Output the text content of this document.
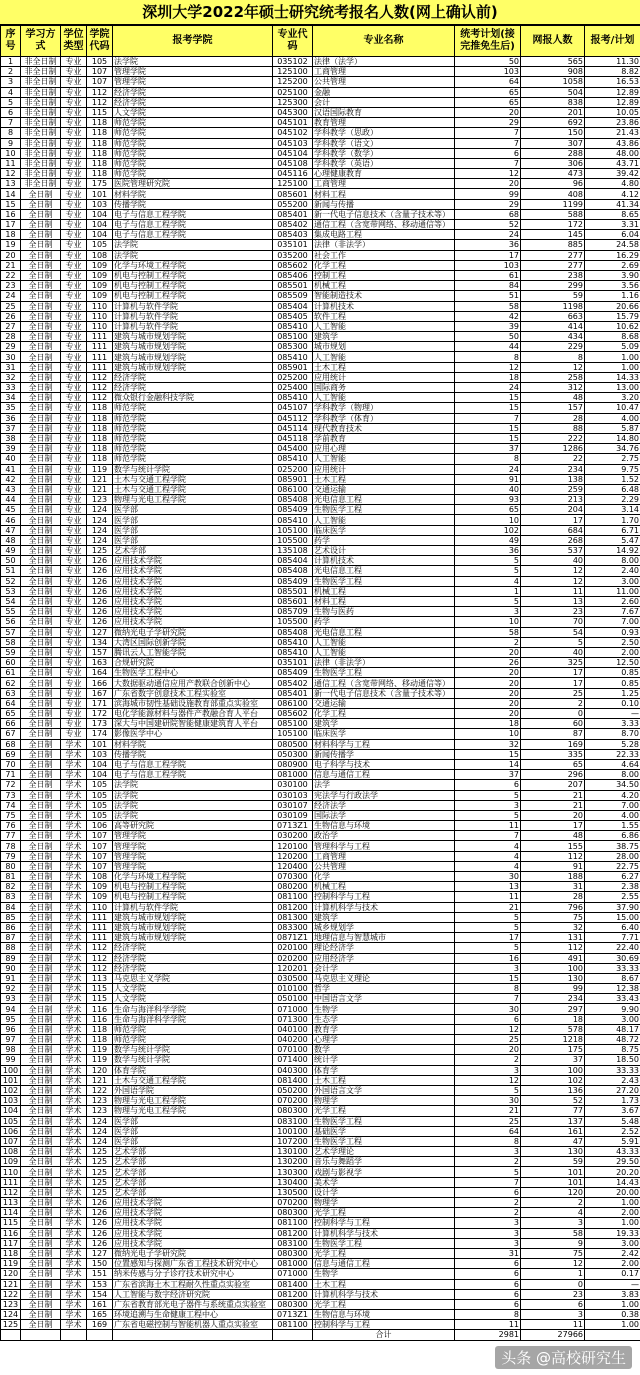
深圳大学2022年硕士研究统考报名人数(网上确认前)
序号	学习方式	学位类型	学院代码	报考学院	专业代码	专业名称	统考计划(接完推免生后)	网报人数	报考/计划
1	非全日制	专业	105	法学院	035102	法律（法学）	50	565	11.30
2	非全日制	专业	107	管理学院	125100	工商管理	103	908	8.82
3	非全日制	专业	107	管理学院	125200	公共管理	64	1058	16.53
4	非全日制	专业	112	经济学院	025100	金融	65	504	12.89
5	非全日制	专业	112	经济学院	125300	会计	65	838	12.89
6	非全日制	专业	115	人文学院	045300	汉语国际教育	20	201	10.05
7	非全日制	专业	118	师范学院	045101	教育管理	29	692	23.86
8	非全日制	专业	118	师范学院	045102	学科教学（思政）	7	150	21.43
9	非全日制	专业	118	师范学院	045103	学科教学（语文）	7	307	43.86
10	非全日制	专业	118	师范学院	045104	学科教学（数学）	6	288	48.00
11	非全日制	专业	118	师范学院	045108	学科教学（英语）	7	306	43.71
12	非全日制	专业	118	师范学院	045116	心理健康教育	12	473	39.42
13	非全日制	专业	175	医院管理研究院	125100	工商管理	20	96	4.80
14	全日制	专业	101	材料学院	085601	材料工程	99	408	4.12
15	全日制	专业	103	传播学院	055200	新闻与传播	29	1199	41.34
16	全日制	专业	104	电子与信息工程学院	085401	新一代电子信息技术（含量子技术等）	68	588	8.65
17	全日制	专业	104	电子与信息工程学院	085402	通信工程（含宽带网络、移动通信等）	52	172	3.31
18	全日制	专业	104	电子与信息工程学院	085403	集成电路工程	24	145	6.04
19	全日制	专业	105	法学院	035101	法律（非法学）	36	885	24.58
20	全日制	专业	108	法学院	035200	社会工作	17	277	16.29
21	全日制	专业	109	化学与环境工程学院	085602	化学工程	103	277	2.69
22	全日制	专业	109	机电与控制工程学院	085406	控制工程	61	238	3.90
23	全日制	专业	109	机电与控制工程学院	085501	机械工程	84	299	3.56
24	全日制	专业	109	机电与控制工程学院	085509	智能制造技术	51	59	1.16
25	全日制	专业	110	计算机与软件学院	085404	计算机技术	58	1198	20.66
26	全日制	专业	110	计算机与软件学院	085405	软件工程	42	663	15.79
27	全日制	专业	110	计算机与软件学院	085410	人工智能	39	414	10.62
28	全日制	专业	111	建筑与城市规划学院	085100	建筑学	50	434	8.68
29	全日制	专业	111	建筑与城市规划学院	085300	城市规划	44	229	5.09
30	全日制	专业	111	建筑与城市规划学院	085410	人工智能	8	8	1.00
31	全日制	专业	111	建筑与城市规划学院	085901	土木工程	12	12	1.00
32	全日制	专业	112	经济学院	025200	应用统计	18	258	14.33
33	全日制	专业	112	经济学院	025400	国际商务	24	312	13.00
34	全日制	专业	112	微众银行金融科技学院	085410	人工智能	15	48	3.20
35	全日制	专业	118	师范学院	045107	学科教学（物理）	15	157	10.47
36	全日制	专业	118	师范学院	045112	学科教学（体育）	7	28	4.00
37	全日制	专业	118	师范学院	045114	现代教育技术	15	88	5.87
38	全日制	专业	118	师范学院	045118	学前教育	15	222	14.80
39	全日制	专业	118	师范学院	045400	应用心理	37	1286	34.76
40	全日制	专业	118	师范学院	085410	人工智能	8	22	2.75
41	全日制	专业	119	数学与统计学院	025200	应用统计	24	234	9.75
42	全日制	专业	121	土木与交通工程学院	085901	土木工程	91	138	1.52
43	全日制	专业	121	土木与交通工程学院	086100	交通运输	40	259	6.48
44	全日制	专业	123	物理与光电工程学院	085408	光电信息工程	93	213	2.29
45	全日制	专业	124	医学部	085409	生物医学工程	65	204	3.14
46	全日制	专业	124	医学部	085410	人工智能	10	17	1.70
47	全日制	专业	124	医学部	105100	临床医学	102	684	6.71
48	全日制	专业	124	医学部	105500	药学	49	268	5.47
49	全日制	专业	125	艺术学部	135108	艺术设计	36	537	14.92
50	全日制	专业	126	应用技术学院	085404	计算机技术	5	40	8.00
51	全日制	专业	126	应用技术学院	085408	光电信息工程	5	12	2.40
52	全日制	专业	126	应用技术学院	085409	生物医学工程	4	12	3.00
53	全日制	专业	126	应用技术学院	085501	机械工程	1	11	11.00
54	全日制	专业	126	应用技术学院	085601	材料工程	5	13	2.60
55	全日制	专业	126	应用技术学院	085709	生物与医药	3	23	7.67
56	全日制	专业	126	应用技术学院	105500	药学	10	70	7.00
57	全日制	专业	127	微纳光电子学研究院	085408	光电信息工程	58	54	0.93
58	全日制	专业	134	大湾区国际创新学院	085410	人工智能	2	5	2.50
59	全日制	专业	157	腾讯云人工智能学院	085410	人工智能	20	40	2.00
60	全日制	专业	163	合规研究院	035101	法律（非法学）	26	325	12.50
61	全日制	专业	164	生物医学工程中心	085409	生物医学工程	20	17	0.85
62	全日制	专业	166	大数据驱动通信应用产教联合创新中心	085402	通信工程（含宽带网络、移动通信等）	20	17	0.85
63	全日制	专业	167	广东省数字创意技术工程实验室	085401	新一代电子信息技术（含量子技术等）	20	25	1.25
64	全日制	专业	171	滨海城市韧性基础设施教育部重点实验室	086100	交通运输	20	2	0.10
65	全日制	专业	172	电化学能源材料与器件产教融合育人平台	085602	化学工程	20	0	—
66	全日制	专业	173	深大与中国建研院智能健康建筑育人平台	085100	建筑学	18	60	3.33
67	全日制	专业	174	影像医学中心	105100	临床医学	10	87	8.70
68	全日制	学术	101	材料学院	080500	材料科学与工程	32	169	5.28
69	全日制	学术	103	传播学院	050300	新闻传播学	15	335	22.33
70	全日制	学术	104	电子与信息工程学院	080900	电子科学与技术	14	65	4.64
71	全日制	学术	104	电子与信息工程学院	081000	信息与通信工程	37	296	8.00
72	全日制	学术	105	法学院	030100	法学	6	207	34.50
73	全日制	学术	105	法学院	030103	宪法学与行政法学	5	21	4.20
74	全日制	学术	105	法学院	030107	经济法学	3	21	7.00
75	全日制	学术	105	法学院	030109	国际法学	5	20	4.00
76	全日制	学术	106	高等研究院	0713Z1	生物信息与环境	11	17	1.55
77	全日制	学术	107	管理学院	030200	政治学	7	48	6.86
78	全日制	学术	107	管理学院	120100	管理科学与工程	4	155	38.75
79	全日制	学术	107	管理学院	120200	工商管理	4	112	28.00
80	全日制	学术	107	管理学院	120400	公共管理	4	91	22.75
81	全日制	学术	108	化学与环境工程学院	070300	化学	30	188	6.27
82	全日制	学术	109	机电与控制工程学院	080200	机械工程	13	31	2.38
83	全日制	学术	109	机电与控制工程学院	081100	控制科学与工程	11	28	2.55
84	全日制	学术	110	计算机与软件学院	081200	计算机科学与技术	21	796	37.90
85	全日制	学术	111	建筑与城市规划学院	081300	建筑学	5	75	15.00
86	全日制	学术	111	建筑与城市规划学院	083300	城乡规划学	5	32	6.40
87	全日制	学术	111	建筑与城市规划学院	0871Z1	地理信息与智慧城市	17	131	7.71
88	全日制	学术	112	经济学院	020100	理论经济学	5	112	22.40
89	全日制	学术	112	经济学院	020200	应用经济学	16	491	30.69
90	全日制	学术	112	经济学院	120201	会计学	3	100	33.33
91	全日制	学术	113	马克思主义学院	030500	马克思主义理论	15	130	8.67
92	全日制	学术	115	人文学院	010100	哲学	8	99	12.38
93	全日制	学术	115	人文学院	050100	中国语言文学	7	234	33.43
94	全日制	学术	116	生命与海洋科学学院	071000	生物学	30	297	9.90
95	全日制	学术	116	生命与海洋科学学院	071300	生态学	6	18	3.00
96	全日制	学术	118	师范学院	040100	教育学	12	578	48.17
97	全日制	学术	118	师范学院	040200	心理学	25	1218	48.72
98	全日制	学术	119	数学与统计学院	070100	数学	20	175	8.75
99	全日制	学术	119	数学与统计学院	071400	统计学	2	37	18.50
100	全日制	学术	120	体育学院	040300	体育学	3	100	33.33
101	全日制	学术	121	土木与交通工程学院	081400	土木工程	12	102	2.43
102	全日制	学术	122	外国语学院	050200	外国语言文学	5	136	27.20
103	全日制	学术	123	物理与光电工程学院	070200	物理学	30	52	1.73
104	全日制	学术	123	物理与光电工程学院	080300	光学工程	21	77	3.67
105	全日制	学术	124	医学部	083100	生物医学工程	25	137	5.48
106	全日制	学术	124	医学部	100100	基础医学	64	161	2.52
107	全日制	学术	124	医学部	107200	生物医学工程	8	47	5.91
108	全日制	学术	125	艺术学部	130100	艺术学理论	3	130	43.33
109	全日制	学术	125	艺术学部	130200	音乐与舞蹈学	2	59	29.50
110	全日制	学术	125	艺术学部	130300	戏剧与影视学	5	101	20.20
111	全日制	学术	125	艺术学部	130400	美术学	7	101	14.43
112	全日制	学术	125	艺术学部	130500	设计学	6	120	20.00
113	全日制	学术	126	应用技术学院	070200	物理学	2	2	1.00
114	全日制	学术	126	应用技术学院	080300	光学工程	2	4	2.00
115	全日制	学术	126	应用技术学院	081100	控制科学与工程	3	3	1.00
116	全日制	学术	126	应用技术学院	081200	计算机科学与技术	3	58	19.33
117	全日制	学术	126	应用技术学院	083100	生物医学工程	3	9	3.00
118	全日制	学术	127	微纳光电子学研究院	080300	光学工程	31	75	2.42
119	全日制	学术	150	位置感知与探测广东省工程技术研究中心	081000	信息与通信工程	6	12	2.00
120	全日制	学术	151	纳米传感与分子诊疗技术研究中心	071000	生物学	6	1	0.17
121	全日制	学术	153	广东省滨海土木工程耐久性重点实验室	081400	土木工程	6	0	—
122	全日制	学术	154	人工智能与数字经济研究院	081200	计算机科学与技术	6	23	3.83
123	全日制	学术	161	广东省教育部光电子器件与系统重点实验室	080300	光学工程	6	6	1.00
124	全日制	学术	165	环境追溯与生命健康工程中心	0713Z1	生物信息与环境	8	3	0.38
125	全日制	学术	169	广东省电磁控制与智能机器人重点实验室	081100	控制科学与工程	11	11	1.00
						合计	2981	27966	
头条 @高校研究生
